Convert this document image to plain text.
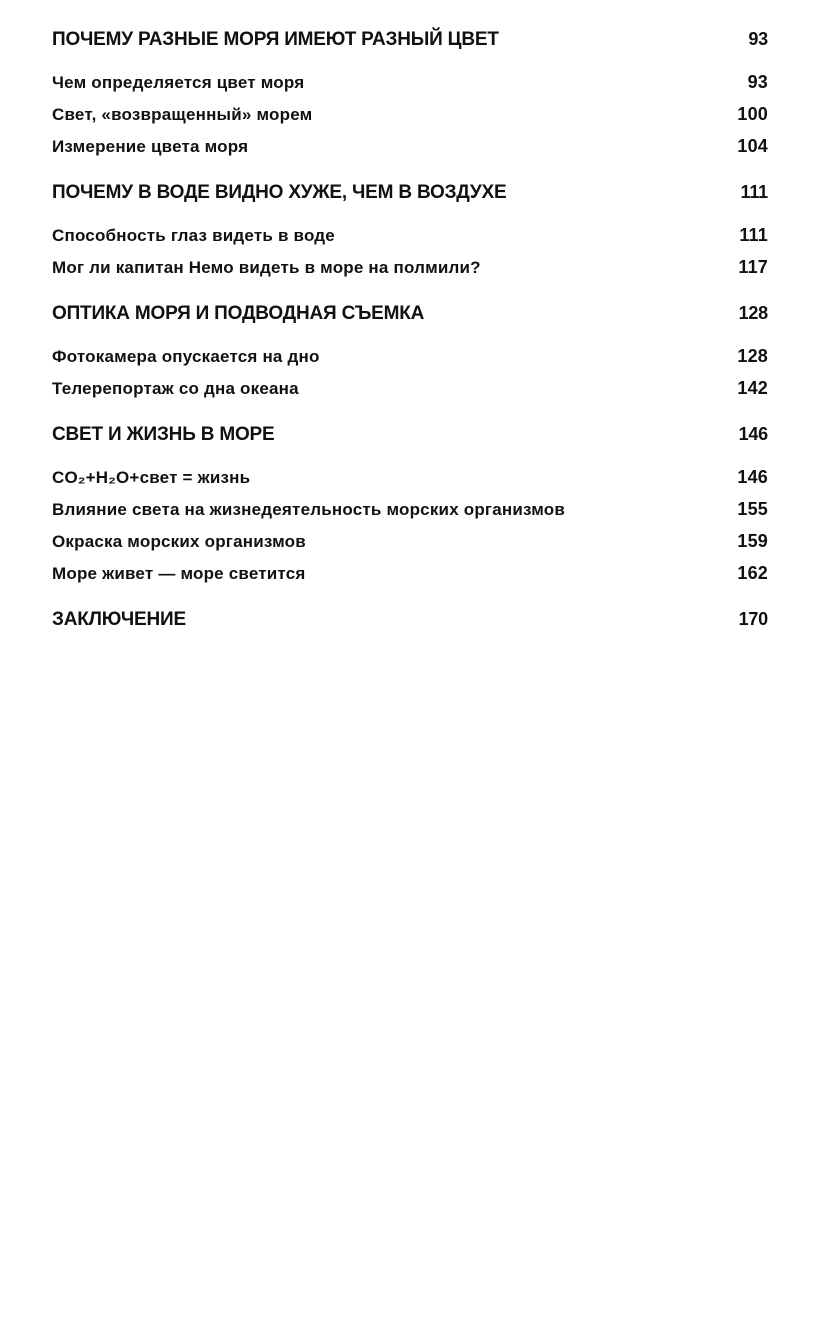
ПОЧЕМУ РАЗНЫЕ МОРЯ ИМЕЮТ РАЗНЫЙ ЦВЕТ	93
Чем определяется цвет моря	93
Свет, «возвращенный» морем	100
Измерение цвета моря	104
ПОЧЕМУ В ВОДЕ ВИДНО ХУЖЕ, ЧЕМ В ВОЗДУХЕ	111
Способность глаз видеть в воде	111
Мог ли капитан Немо видеть в море на полмили?	117
ОПТИКА МОРЯ И ПОДВОДНАЯ СЪЕМКА	128
Фотокамера опускается на дно	128
Телерепортаж со дна океана	142
СВЕТ И ЖИЗНЬ В МОРЕ	146
CO₂+H₂O+свет = жизнь	146
Влияние света на жизнедеятельность морских организмов	155
Окраска морских организмов	159
Море живет — море светится	162
ЗАКЛЮЧЕНИЕ	170
